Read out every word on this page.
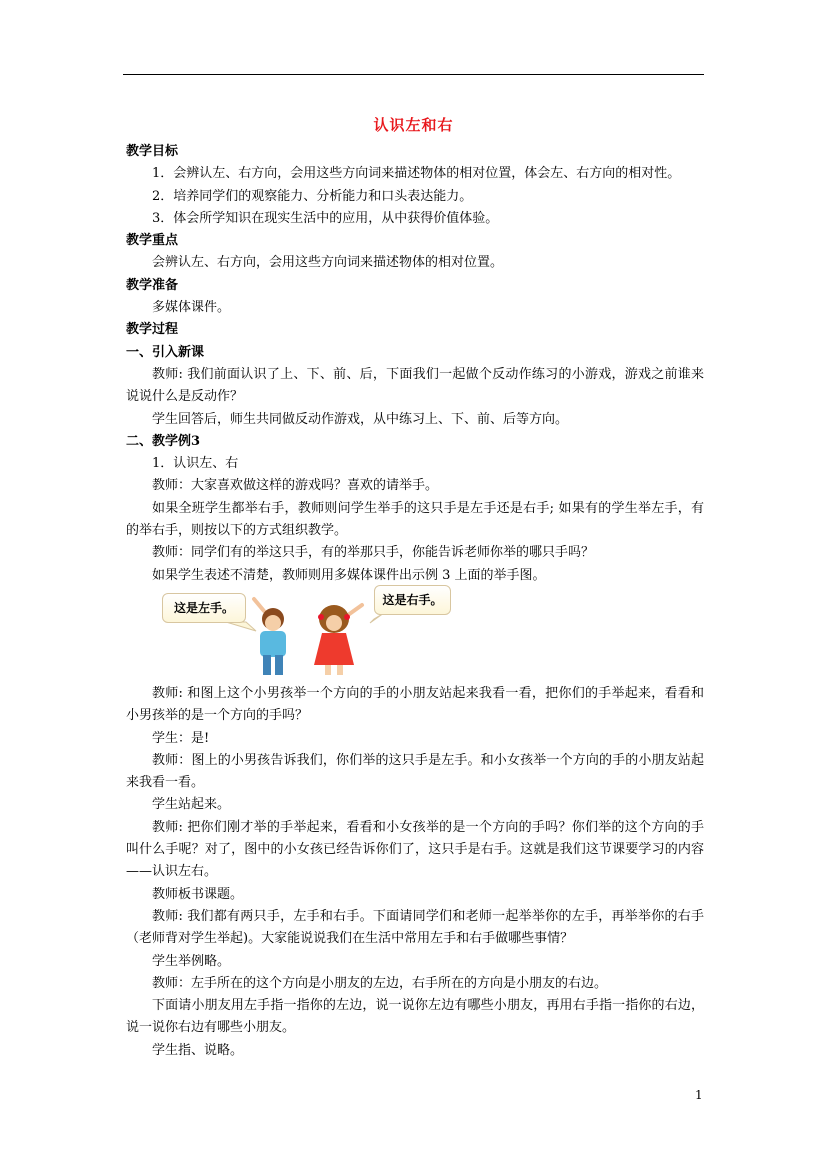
认识左和右

教学目标

1．会辨认左、右方向，会用这些方向词来描述物体的相对位置，体会左、右方向的相对性。

2．培养同学们的观察能力、分析能力和口头表达能力。

3．体会所学知识在现实生活中的应用，从中获得价值体验。

教学重点

会辨认左、右方向，会用这些方向词来描述物体的相对位置。

教学准备

多媒体课件。

教学过程

一、引入新课

教师: 我们前面认识了上、下、前、后，下面我们一起做个反动作练习的小游戏，游戏之前谁来说说什么是反动作？

学生回答后，师生共同做反动作游戏，从中练习上、下、前、后等方向。

二、教学例3

1．认识左、右

教师：大家喜欢做这样的游戏吗？喜欢的请举手。

如果全班学生都举右手，教师则问学生举手的这只手是左手还是右手; 如果有的学生举左手，有的举右手，则按以下的方式组织教学。

教师：同学们有的举这只手，有的举那只手，你能告诉老师你举的哪只手吗？

如果学生表述不清楚，教师则用多媒体课件出示例 3 上面的举手图。

这是左手。
这是右手。

教师: 和图上这个小男孩举一个方向的手的小朋友站起来我看一看，把你们的手举起来，看看和小男孩举的是一个方向的手吗？

学生：是!

教师：图上的小男孩告诉我们，你们举的这只手是左手。和小女孩举一个方向的手的小朋友站起来我看一看。

学生站起来。

教师: 把你们刚才举的手举起来，看看和小女孩举的是一个方向的手吗？你们举的这个方向的手叫什么手呢？对了，图中的小女孩已经告诉你们了，这只手是右手。这就是我们这节课要学习的内容——认识左右。

教师板书课题。

教师: 我们都有两只手，左手和右手。下面请同学们和老师一起举举你的左手，再举举你的右手（老师背对学生举起)。大家能说说我们在生活中常用左手和右手做哪些事情？

学生举例略。

教师：左手所在的这个方向是小朋友的左边，右手所在的方向是小朋友的右边。

下面请小朋友用左手指一指你的左边，说一说你左边有哪些小朋友，再用右手指一指你的右边，说一说你右边有哪些小朋友。

学生指、说略。

1
